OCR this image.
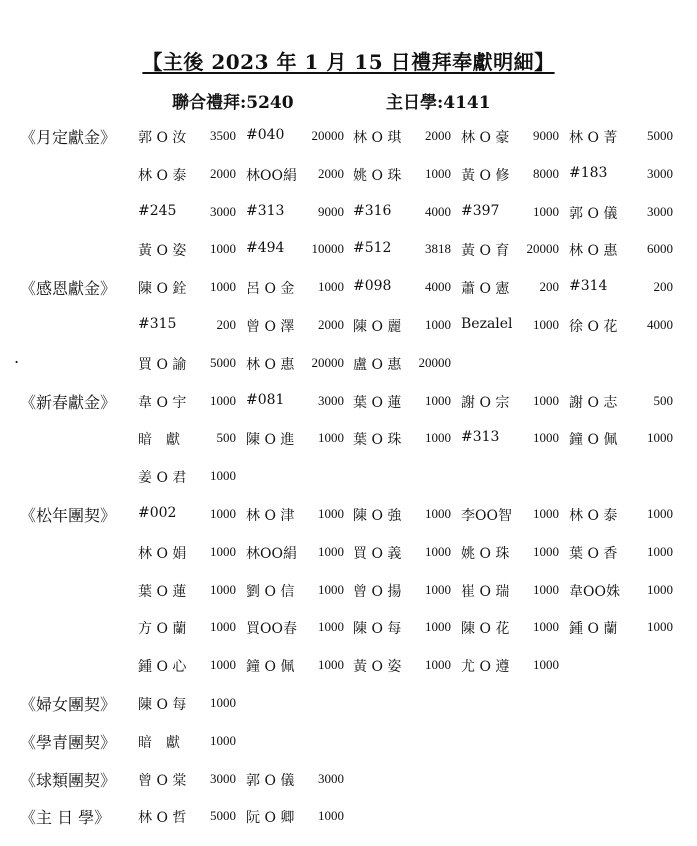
【主後 2023 年 1 月 15 日禮拜奉獻明細】
聯合禮拜:5240	主日學:4141
《月定獻金》 郭 O 汝 3500 #040 20000 林 O 琪 2000 林 O 豪 9000 林 O 菁 5000
林 O 泰 2000 林OO絹 2000 姚 O 珠 1000 黃 O 修 8000 #183	3000
#245	3000 #313	9000 #316	4000 #397	1000 郭 O 儀 3000
黃 O 姿 1000 #494 10000 #512	3818 黃 O 育 20000 林 O 惠 6000
《感恩獻金》 陳 O 銓 1000 呂 O 金 1000 #098	4000 蕭 O 憲 200 #314	200
#315	200 曾 O 澤 2000 陳 O 麗 1000 Bezalel 1000 徐 O 花 4000
.	買 O 諭 5000 林 O 惠 20000 盧 O 惠 20000
《新春獻金》 韋 O 宇 1000 #081	3000 葉 O 蓮 1000 謝 O 宗 1000 謝 O 志	500
暗　獻	500 陳 O 進 1000 葉 O 珠 1000 #313	1000 鐘 O 佩 1000
姜 O 君 1000
《松年團契》 #002	1000 林 O 津 1000 陳 O 強 1000 李OO智 1000 林 O 泰 1000
林 O 娟 1000 林OO絹 1000 買 O 義 1000 姚 O 珠 1000 葉 O 香 1000
葉 O 蓮 1000 劉 O 信 1000 曾 O 揚 1000 崔 O 瑞 1000 韋OO姝 1000
方 O 蘭 1000 買OO春 1000 陳 O 每 1000 陳 O 花 1000 鍾 O 蘭 1000
鍾 O 心 1000 鐘 O 佩 1000 黃 O 姿 1000 尤 O 遵 1000
《婦女團契》 陳 O 每 1000
《學青團契》 暗　獻 1000
《球類團契》 曾 O 棠 3000 郭 O 儀 3000
《主 日 學》 林 O 哲 5000 阮 O 卿 1000
